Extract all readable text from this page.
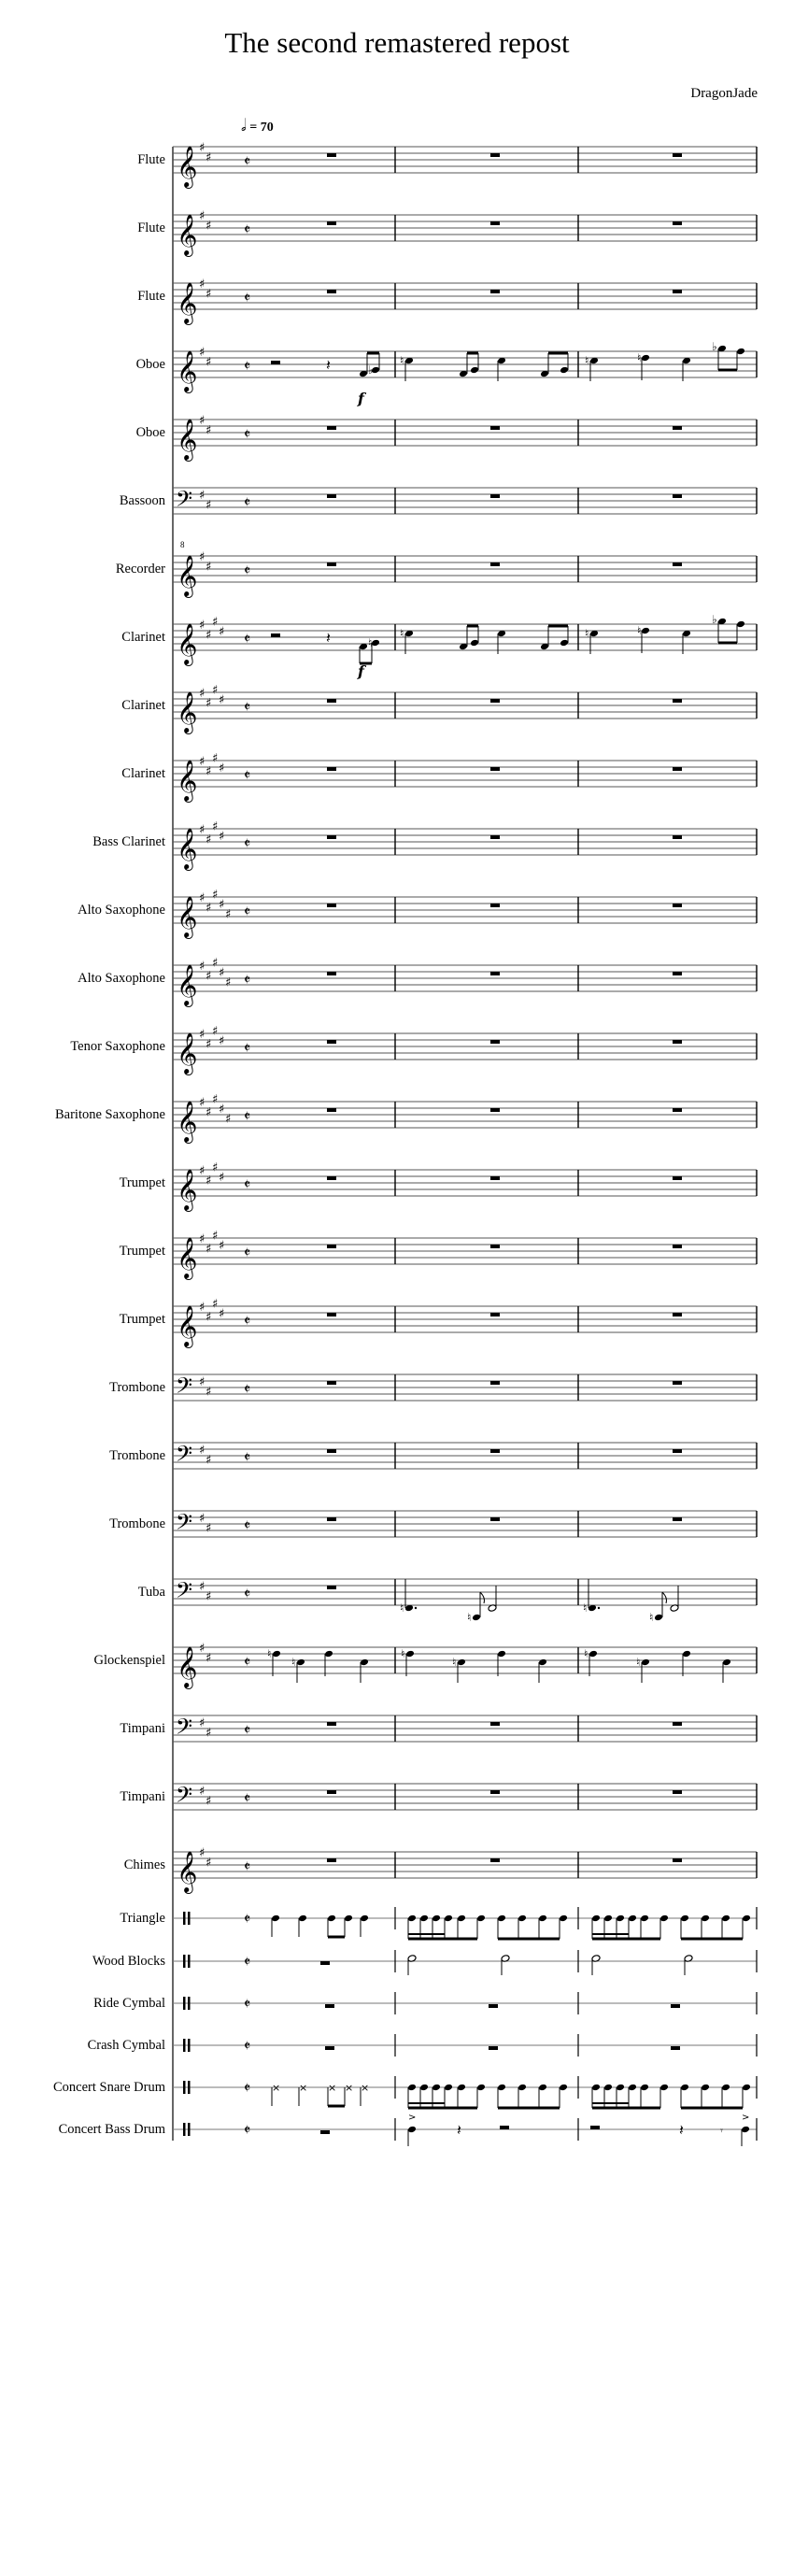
The second remastered repost
DragonJade
𝅗𝅥 = 70
Flute
Flute
Flute
Oboe
Oboe
Bassoon
Recorder
Clarinet
Clarinet
Clarinet
Bass Clarinet
Alto Saxophone
Alto Saxophone
Tenor Saxophone
Baritone Saxophone
Trumpet
Trumpet
Trumpet
Trombone
Trombone
Trombone
Tuba
Glockenspiel
Timpani
Timpani
Chimes
Triangle
Wood Blocks
Ride Cymbal
Crash Cymbal
Concert Snare Drum
Concert Bass Drum
𝄞 ♯
♯ 𝄵
𝄞 ♯
♯ 𝄵
𝄞 ♯
♯ 𝄵
𝄞 ♯
♯ 𝄵	𝄽	♭
♮	♮	♮
♭
f
𝄞 ♯
♯ 𝄵
𝄢 ♯
♯ 𝄵
𝄞
8
♯
♯ 𝄵
𝄞 ♯
♯
♯
♯ 𝄵	𝄽	♮
♮	♮	♮
♭
f
𝄞 ♯
♯
♯
♯ 𝄵
𝄞 ♯
♯
♯
♯ 𝄵
𝄞 ♯
♯
♯
♯ 𝄵
𝄞 ♯
♯
♯
♯
♯ 𝄵
𝄞 ♯
♯
♯
♯
♯ 𝄵
𝄞 ♯
♯
♯
♯ 𝄵
𝄞 ♯
♯
♯
♯
♯ 𝄵
𝄞 ♯
♯
♯
♯ 𝄵
𝄞 ♯
♯
♯
♯ 𝄵
𝄞 ♯
♯
♯
♯ 𝄵
𝄢 ♯
♯ 𝄵
𝄢 ♯
♯ 𝄵
𝄢 ♯
♯ 𝄵
𝄢 ♯
♯ 𝄵
♮
♮
♮
♮
𝄞 ♯
♯ 𝄵 ♮
♮
♮
♮
♮
♮
𝄢 ♯
♯ 𝄵
𝄢 ♯
♯ 𝄵
𝄞 ♯
♯ 𝄵
𝄵
𝄵
𝄵
𝄵
𝄵 × × × × ×
𝄵
>
𝄽	𝄽	𝄾
>
